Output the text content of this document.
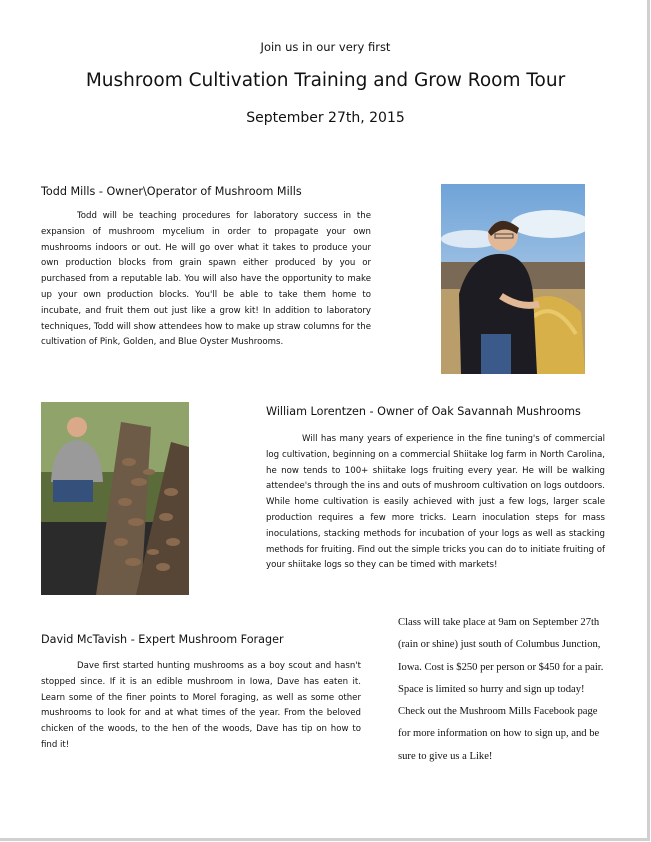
Join us in our very first
Mushroom Cultivation Training and Grow Room Tour
September 27th, 2015
Todd Mills - Owner\Operator of Mushroom Mills

Todd will be teaching procedures for laboratory success in the expansion of mushroom mycelium in order to propagate your own mushrooms indoors or out. He will go over what it takes to produce your own production blocks from grain spawn either produced by you or purchased from a reputable lab. You will also have the opportunity to make up your own production blocks. You'll be able to take them home to incubate, and fruit them out just like a grow kit! In addition to laboratory techniques, Todd will show attendees how to make up straw columns for the cultivation of Pink, Golden, and Blue Oyster Mushrooms.

William Lorentzen - Owner of Oak Savannah Mushrooms

Will has many years of experience in the fine tuning's of commercial log cultivation, beginning on a commercial Shiitake log farm in North Carolina, he now tends to 100+ shiitake logs fruiting every year. He will be walking attendee's through the ins and outs of mushroom cultivation on logs outdoors. While home cultivation is easily achieved with just a few logs, larger scale production requires a few more tricks. Learn inoculation steps for mass inoculations, stacking methods for incubation of your logs as well as stacking methods for fruiting. Find out the simple tricks you can do to initiate fruiting of your shiitake logs so they can be timed with markets!

David McTavish - Expert Mushroom Forager

Dave first started hunting mushrooms as a boy scout and hasn't stopped since. If it is an edible mushroom in Iowa, Dave has eaten it. Learn some of the finer points to Morel foraging, as well as some other mushrooms to look for and at what times of the year. From the beloved chicken of the woods, to the hen of the woods, Dave has tip on how to find it!

Class will take place at 9am on September 27th (rain or shine) just south of Columbus Junction, Iowa. Cost is $250 per person or $450 for a pair. Space is limited so hurry and sign up today! Check out the Mushroom Mills Facebook page for more information on how to sign up, and be sure to give us a Like!
